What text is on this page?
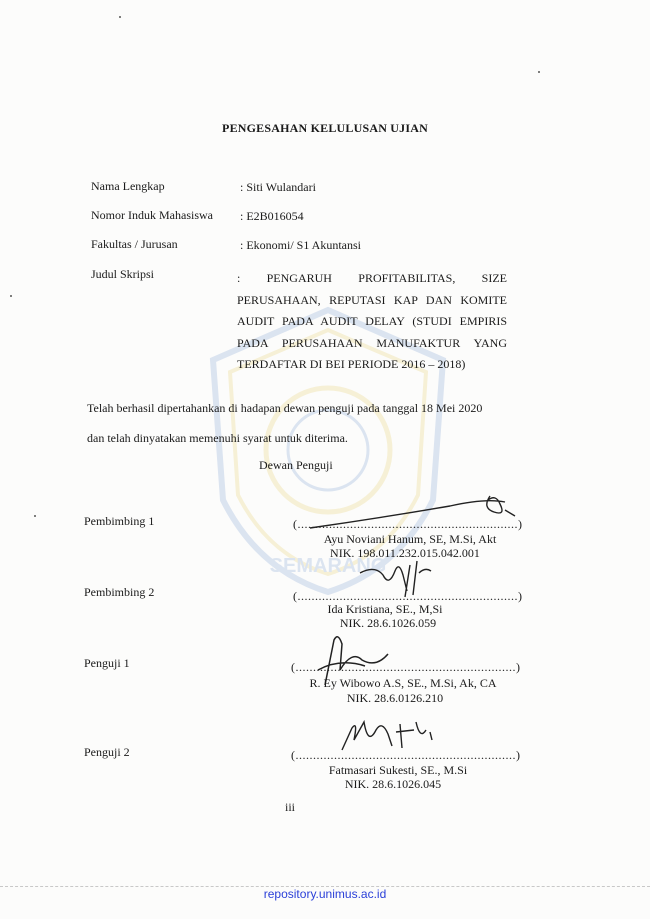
SEMARANG
PENGESAHAN KELULUSAN UJIAN
Nama Lengkap	: Siti Wulandari
Nomor Induk Mahasiswa : E2B016054
Fakultas / Jurusan	: Ekonomi/ S1 Akuntansi
Judul Skripsi	: PENGARUH PROFITABILITAS, SIZE PERUSAHAAN, REPUTASI KAP DAN KOMITE AUDIT PADA AUDIT DELAY (STUDI EMPIRIS PADA PERUSAHAAN MANUFAKTUR YANG TERDAFTAR DI BEI PERIODE 2016 – 2018)
Telah berhasil dipertahankan di hadapan dewan penguji pada tanggal 18 Mei 2020
dan telah dinyatakan memenuhi syarat untuk diterima.
Dewan Penguji
Pembimbing 1	(...............................................................)
Ayu Noviani Hanum, SE, M.Si, Akt
NIK. 198.011.232.015.042.001
Pembimbing 2	(...............................................................)
Ida Kristiana, SE., M,Si
NIK. 28.6.1026.059
Penguji 1	(...............................................................)
R. Ey Wibowo A.S, SE., M.Si, Ak, CA
NIK. 28.6.0126.210
Penguji 2	(...............................................................)
Fatmasari Sukesti, SE., M.Si
NIK. 28.6.1026.045
iii
repository.unimus.ac.id
